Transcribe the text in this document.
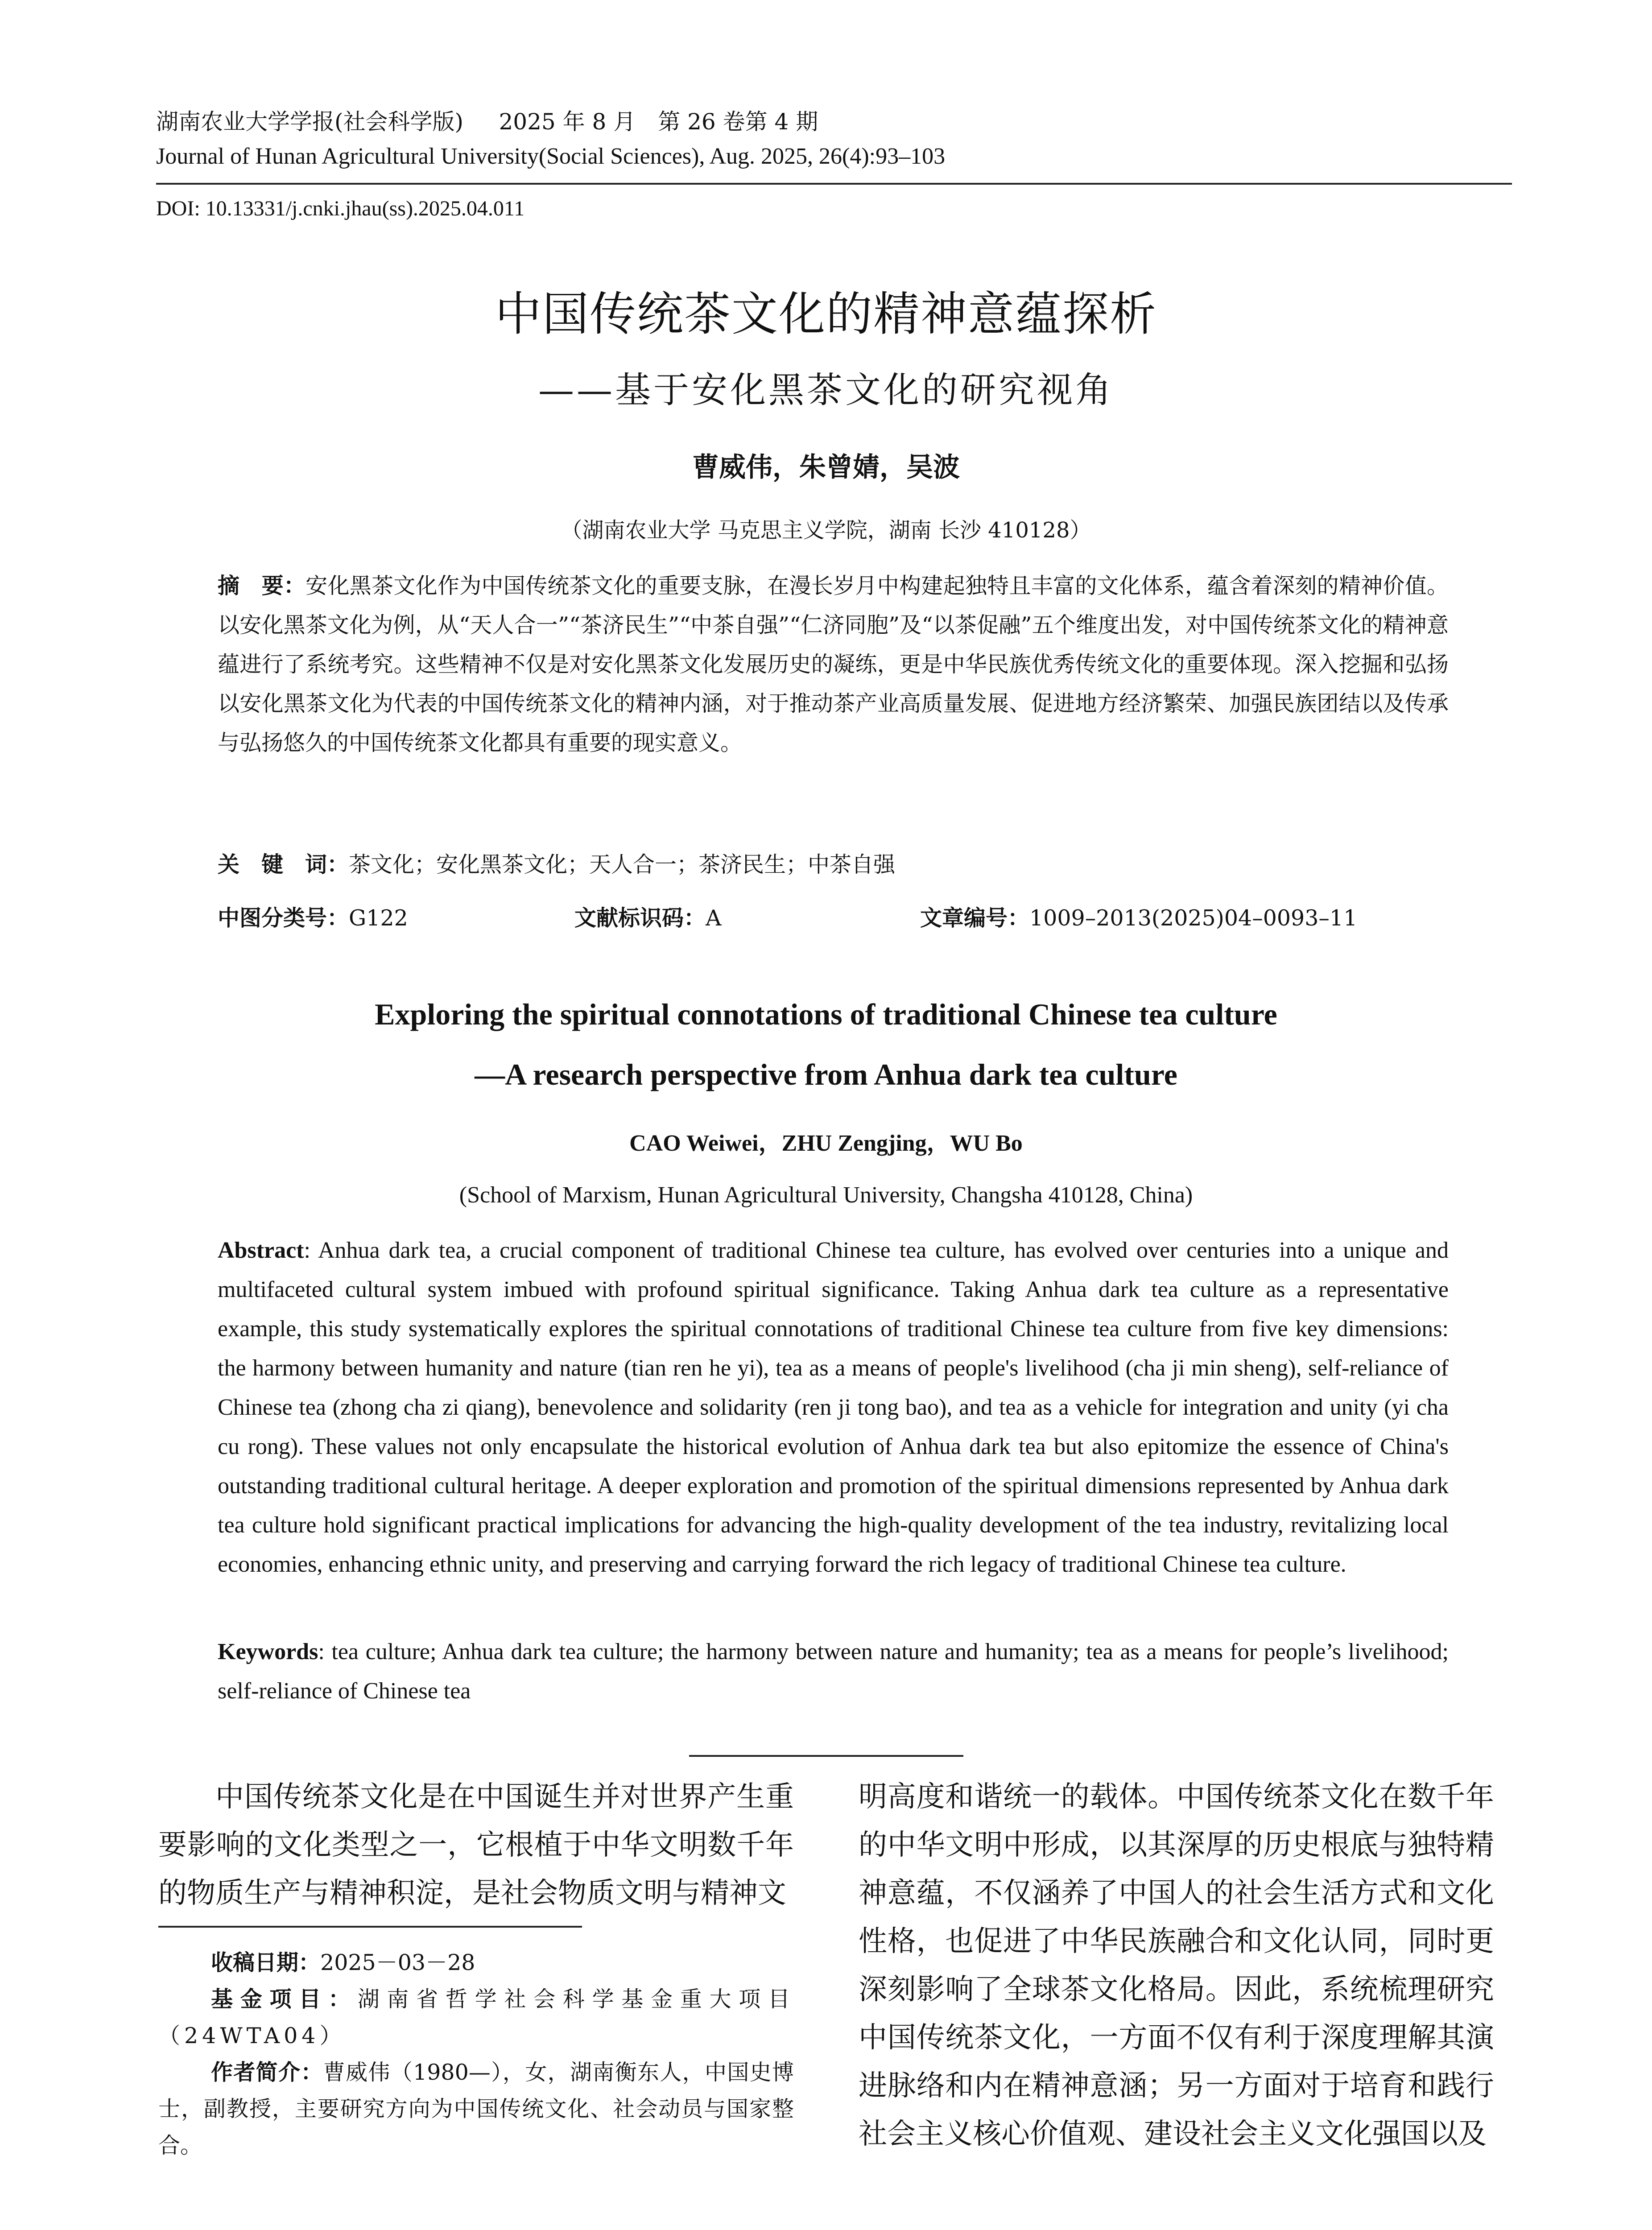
湖南农业大学学报(社会科学版) 2025 年 8 月　第 26 卷第 4 期
Journal of Hunan Agricultural University(Social Sciences), Aug. 2025, 26(4):93–103
DOI: 10.13331/j.cnki.jhau(ss).2025.04.011
中国传统茶文化的精神意蕴探析
——基于安化黑茶文化的研究视角
曹威伟，朱曾婧，吴波
（湖南农业大学 马克思主义学院，湖南 长沙 410128）
摘　要：安化黑茶文化作为中国传统茶文化的重要支脉，在漫长岁月中构建起独特且丰富的文化体系，蕴含着深刻的精神价值。以安化黑茶文化为例，从“天人合一”“茶济民生”“中茶自强”“仁济同胞”及“以茶促融”五个维度出发，对中国传统茶文化的精神意蕴进行了系统考究。这些精神不仅是对安化黑茶文化发展历史的凝练，更是中华民族优秀传统文化的重要体现。深入挖掘和弘扬以安化黑茶文化为代表的中国传统茶文化的精神内涵，对于推动茶产业高质量发展、促进地方经济繁荣、加强民族团结以及传承与弘扬悠久的中国传统茶文化都具有重要的现实意义。
关　键　词：茶文化；安化黑茶文化；天人合一；茶济民生；中茶自强
中图分类号：G122	文献标识码：A	文章编号：1009–2013(2025)04–0093–11
Exploring the spiritual connotations of traditional Chinese tea culture
—A research perspective from Anhua dark tea culture
CAO Weiwei，ZHU Zengjing，WU Bo
(School of Marxism, Hunan Agricultural University, Changsha 410128, China)
Abstract: Anhua dark tea, a crucial component of traditional Chinese tea culture, has evolved over centuries into a unique and multifaceted cultural system imbued with profound spiritual significance. Taking Anhua dark tea culture as a representative example, this study systematically explores the spiritual connotations of traditional Chinese tea culture from five key dimensions: the harmony between humanity and nature (tian ren he yi), tea as a means of people's livelihood (cha ji min sheng), self-reliance of Chinese tea (zhong cha zi qiang), benevolence and solidarity (ren ji tong bao), and tea as a vehicle for integration and unity (yi cha cu rong). These values not only encapsulate the historical evolution of Anhua dark tea but also epitomize the essence of China's outstanding traditional cultural heritage. A deeper exploration and promotion of the spiritual dimensions represented by Anhua dark tea culture hold significant practical implications for advancing the high-quality development of the tea industry, revitalizing local economies, enhancing ethnic unity, and preserving and carrying forward the rich legacy of traditional Chinese tea culture.
Keywords: tea culture; Anhua dark tea culture; the harmony between nature and humanity; tea as a means for people’s livelihood; self-reliance of Chinese tea
中国传统茶文化是在中国诞生并对世界产生重要影响的文化类型之一，它根植于中华文明数千年的物质生产与精神积淀，是社会物质文明与精神文
明高度和谐统一的载体。中国传统茶文化在数千年的中华文明中形成，以其深厚的历史根底与独特精神意蕴，不仅涵养了中国人的社会生活方式和文化性格，也促进了中华民族融合和文化认同，同时更深刻影响了全球茶文化格局。因此，系统梳理研究中国传统茶文化，一方面不仅有利于深度理解其演进脉络和内在精神意涵；另一方面对于培育和践行社会主义核心价值观、建设社会主义文化强国以及

收稿日期：2025－03－28

基金项目：湖南省哲学社会科学基金重大项目（24WTA04）

作者简介：曹威伟（1980—），女，湖南衡东人，中国史博士，副教授，主要研究方向为中国传统文化、社会动员与国家整合。
